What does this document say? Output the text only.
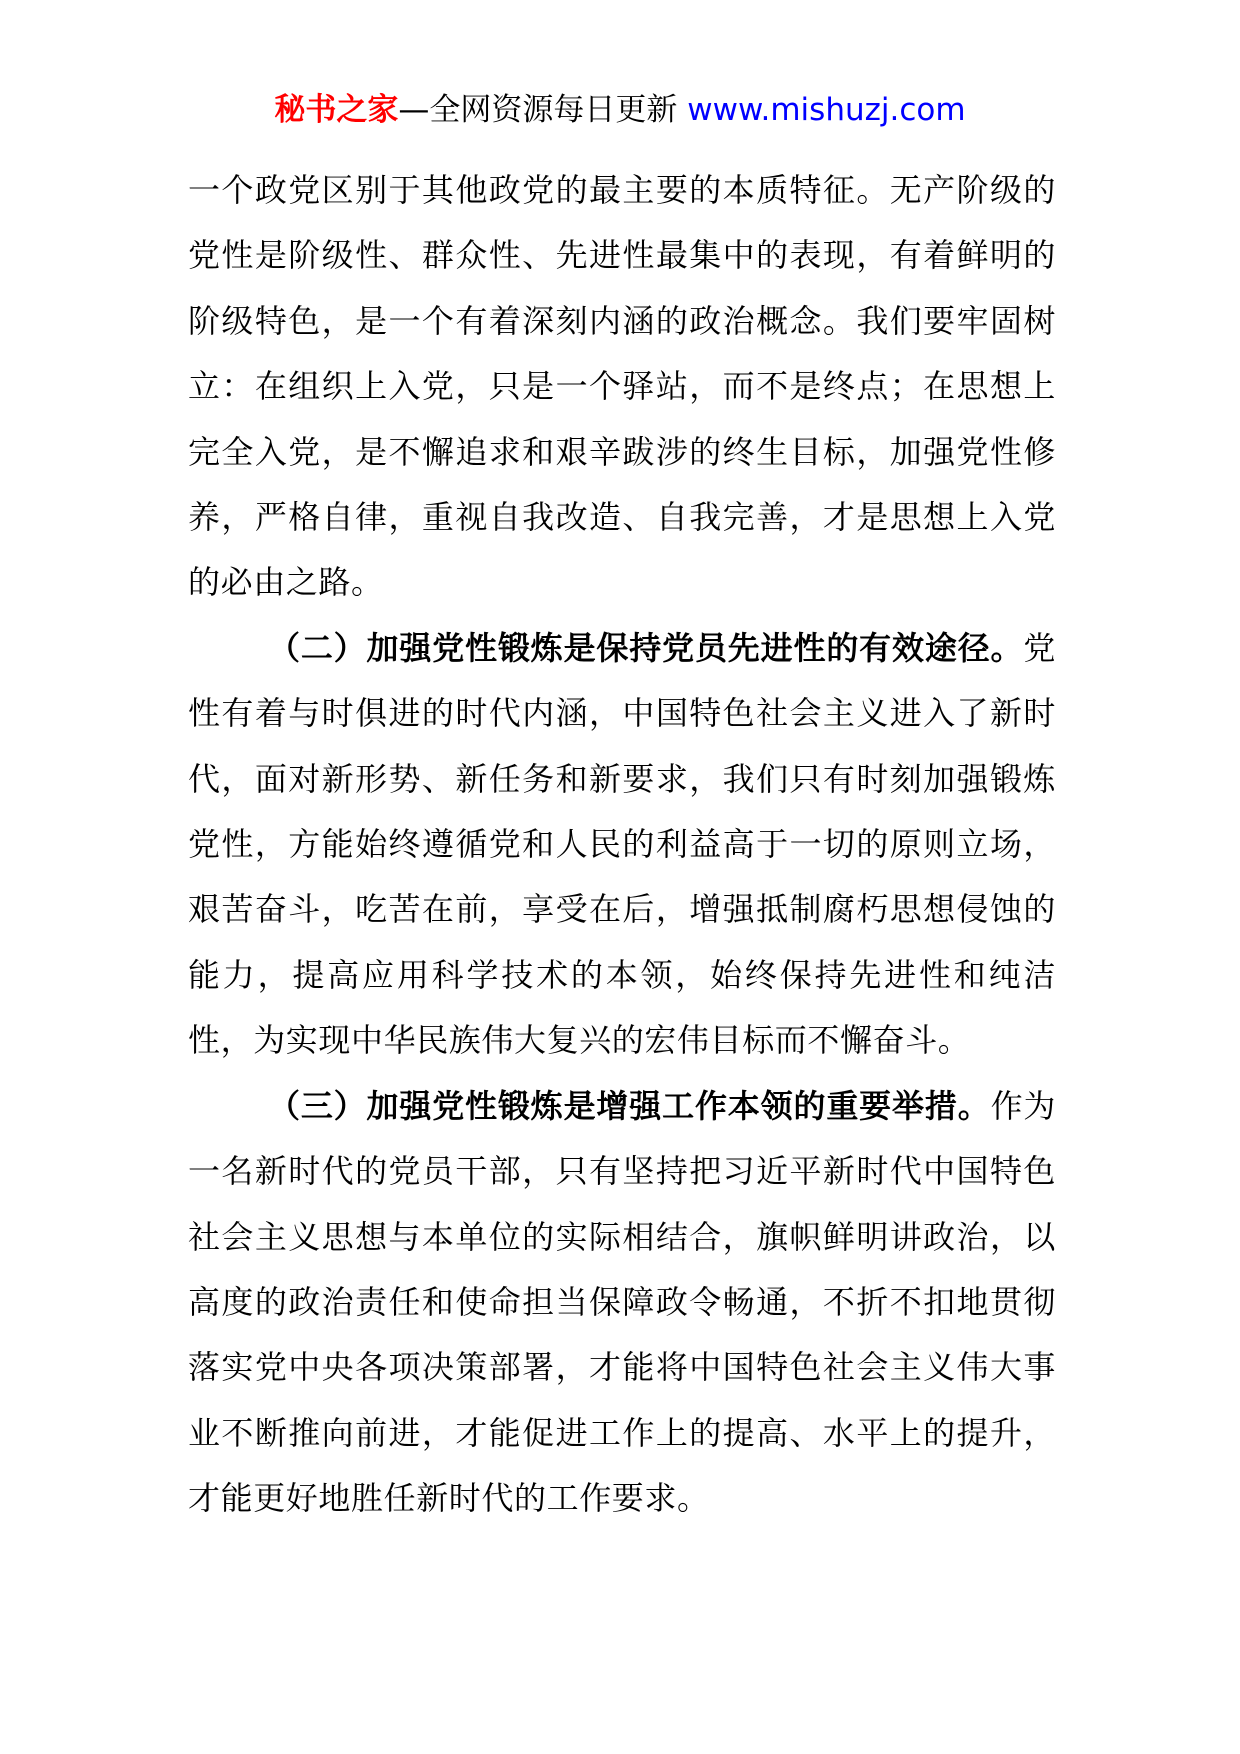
秘书之家—全网资源每日更新 www.mishuzj.com

一个政党区别于其他政党的最主要的本质特征。无产阶级的党性是阶级性、群众性、先进性最集中的表现，有着鲜明的阶级特色，是一个有着深刻内涵的政治概念。我们要牢固树立：在组织上入党，只是一个驿站，而不是终点；在思想上完全入党，是不懈追求和艰辛跋涉的终生目标，加强党性修养，严格自律，重视自我改造、自我完善，才是思想上入党的必由之路。

（二）加强党性锻炼是保持党员先进性的有效途径。党性有着与时俱进的时代内涵，中国特色社会主义进入了新时代，面对新形势、新任务和新要求，我们只有时刻加强锻炼党性，方能始终遵循党和人民的利益高于一切的原则立场，艰苦奋斗，吃苦在前，享受在后，增强抵制腐朽思想侵蚀的能力，提高应用科学技术的本领，始终保持先进性和纯洁性，为实现中华民族伟大复兴的宏伟目标而不懈奋斗。

（三）加强党性锻炼是增强工作本领的重要举措。作为一名新时代的党员干部，只有坚持把习近平新时代中国特色社会主义思想与本单位的实际相结合，旗帜鲜明讲政治，以高度的政治责任和使命担当保障政令畅通，不折不扣地贯彻落实党中央各项决策部署，才能将中国特色社会主义伟大事业不断推向前进，才能促进工作上的提高、水平上的提升，才能更好地胜任新时代的工作要求。
